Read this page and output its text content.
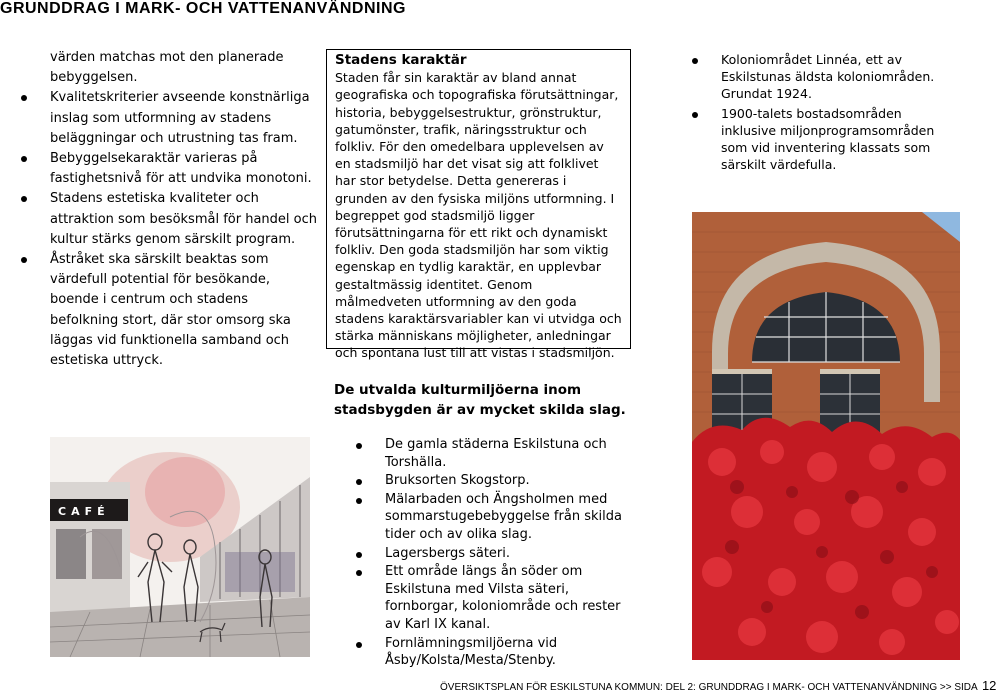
GRUNDDRAG I MARK- OCH VATTENANVÄNDNING

värden matchas mot den planerade bebyggelsen.

Kvalitetskriterier avseende konstnärliga inslag som utformning av stadens beläggningar och utrustning tas fram.
Bebyggelsekaraktär varieras på fastighetsnivå för att undvika monotoni.
Stadens estetiska kvaliteter och attraktion som besöksmål för handel och kultur stärks genom särskilt program.
Åstråket ska särskilt beaktas som värdefull potential för besökande, boende i centrum och stadens befolkning stort, där stor omsorg ska läggas vid funktionella samband och estetiska uttryck.
CAFÉ
Stadens karaktär
Staden får sin karaktär av bland annat geografiska och topografiska förutsättningar, historia, bebyggelsestruktur, grönstruktur, gatumönster, trafik, näringsstruktur och folkliv. För den omedelbara upplevelsen av en stadsmiljö har det visat sig att folklivet har stor betydelse. Detta genereras i grunden av den fysiska miljöns utformning. I begreppet god stadsmiljö ligger förutsättningarna för ett rikt och dynamiskt folkliv. Den goda stadsmiljön har som viktig egenskap en tydlig karaktär, en upplevbar gestaltmässig identitet. Genom målmedveten utformning av den goda stadens karaktärsvariabler kan vi utvidga och stärka människans möjligheter, anledningar och spontana lust till att vistas i stadsmiljön.
De utvalda kulturmiljöerna inom stadsbygden är av mycket skilda slag.
De gamla städerna Eskilstuna och Torshälla.
Bruksorten Skogstorp.
Mälarbaden och Ängsholmen med sommarstugebebyggelse från skilda tider och av olika slag.
Lagersbergs säteri.
Ett område längs ån söder om Eskilstuna med Vilsta säteri, fornborgar, koloniområde och rester av Karl IX kanal.
Fornlämningsmiljöerna vid Åsby/Kolsta/Mesta/Stenby.
Koloniområdet Linnéa, ett av Eskilstunas äldsta koloniområden. Grundat 1924.
1900-talets bostadsområden inklusive miljonprogramsområden som vid inventering klassats som särskilt värdefulla.
ÖVERSIKTSPLAN FÖR ESKILSTUNA KOMMUN: DEL 2: GRUNDDRAG I MARK- OCH VATTENANVÄNDNING >> SIDA 12
